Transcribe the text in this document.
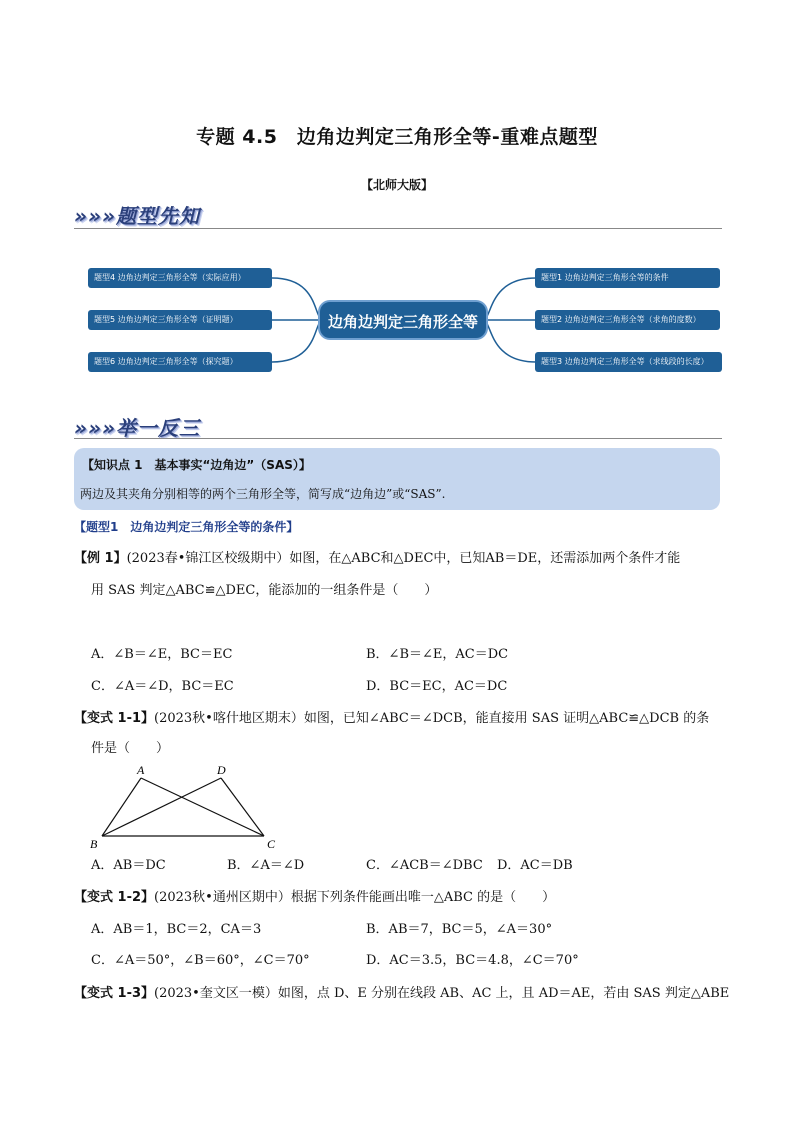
专题 4.5　边角边判定三角形全等-重难点题型
【北师大版】
»»»题型先知
题型4 边角边判定三角形全等（实际应用）
题型5 边角边判定三角形全等（证明题）
题型6 边角边判定三角形全等（探究题）
边角边判定三角形全等
题型1 边角边判定三角形全等的条件
题型2 边角边判定三角形全等（求角的度数）
题型3 边角边判定三角形全等（求线段的长度）
»»»举一反三
【知识点 1　基本事实“边角边”（SAS）】
两边及其夹角分别相等的两个三角形全等，简写成“边角边”或“SAS”.
【题型1　边角边判定三角形全等的条件】
【例 1】(2023春•锦江区校级期中）如图，在△ABC和△DEC中，已知AB＝DE，还需添加两个条件才能
用 SAS 判定△ABC≌△DEC，能添加的一组条件是（　　）
A．∠B＝∠E，BC＝EC	B．∠B＝∠E，AC＝DC
C．∠A＝∠D，BC＝EC	D．BC＝EC，AC＝DC
【变式 1-1】(2023秋•喀什地区期末）如图，已知∠ABC＝∠DCB，能直接用 SAS 证明△ABC≌△DCB 的条
件是（　　）
A	D
B	C
A．AB＝DC	B．∠A＝∠D	C．∠ACB＝∠DBC D．AC＝DB
【变式 1-2】(2023秋•通州区期中）根据下列条件能画出唯一△ABC 的是（　　）
A．AB＝1，BC＝2，CA＝3	B．AB＝7，BC＝5，∠A＝30°
C．∠A＝50°，∠B＝60°，∠C＝70°	D．AC＝3.5，BC＝4.8，∠C＝70°
【变式 1-3】(2023•奎文区一模）如图，点 D、E 分别在线段 AB、AC 上，且 AD＝AE，若由 SAS 判定△ABE
